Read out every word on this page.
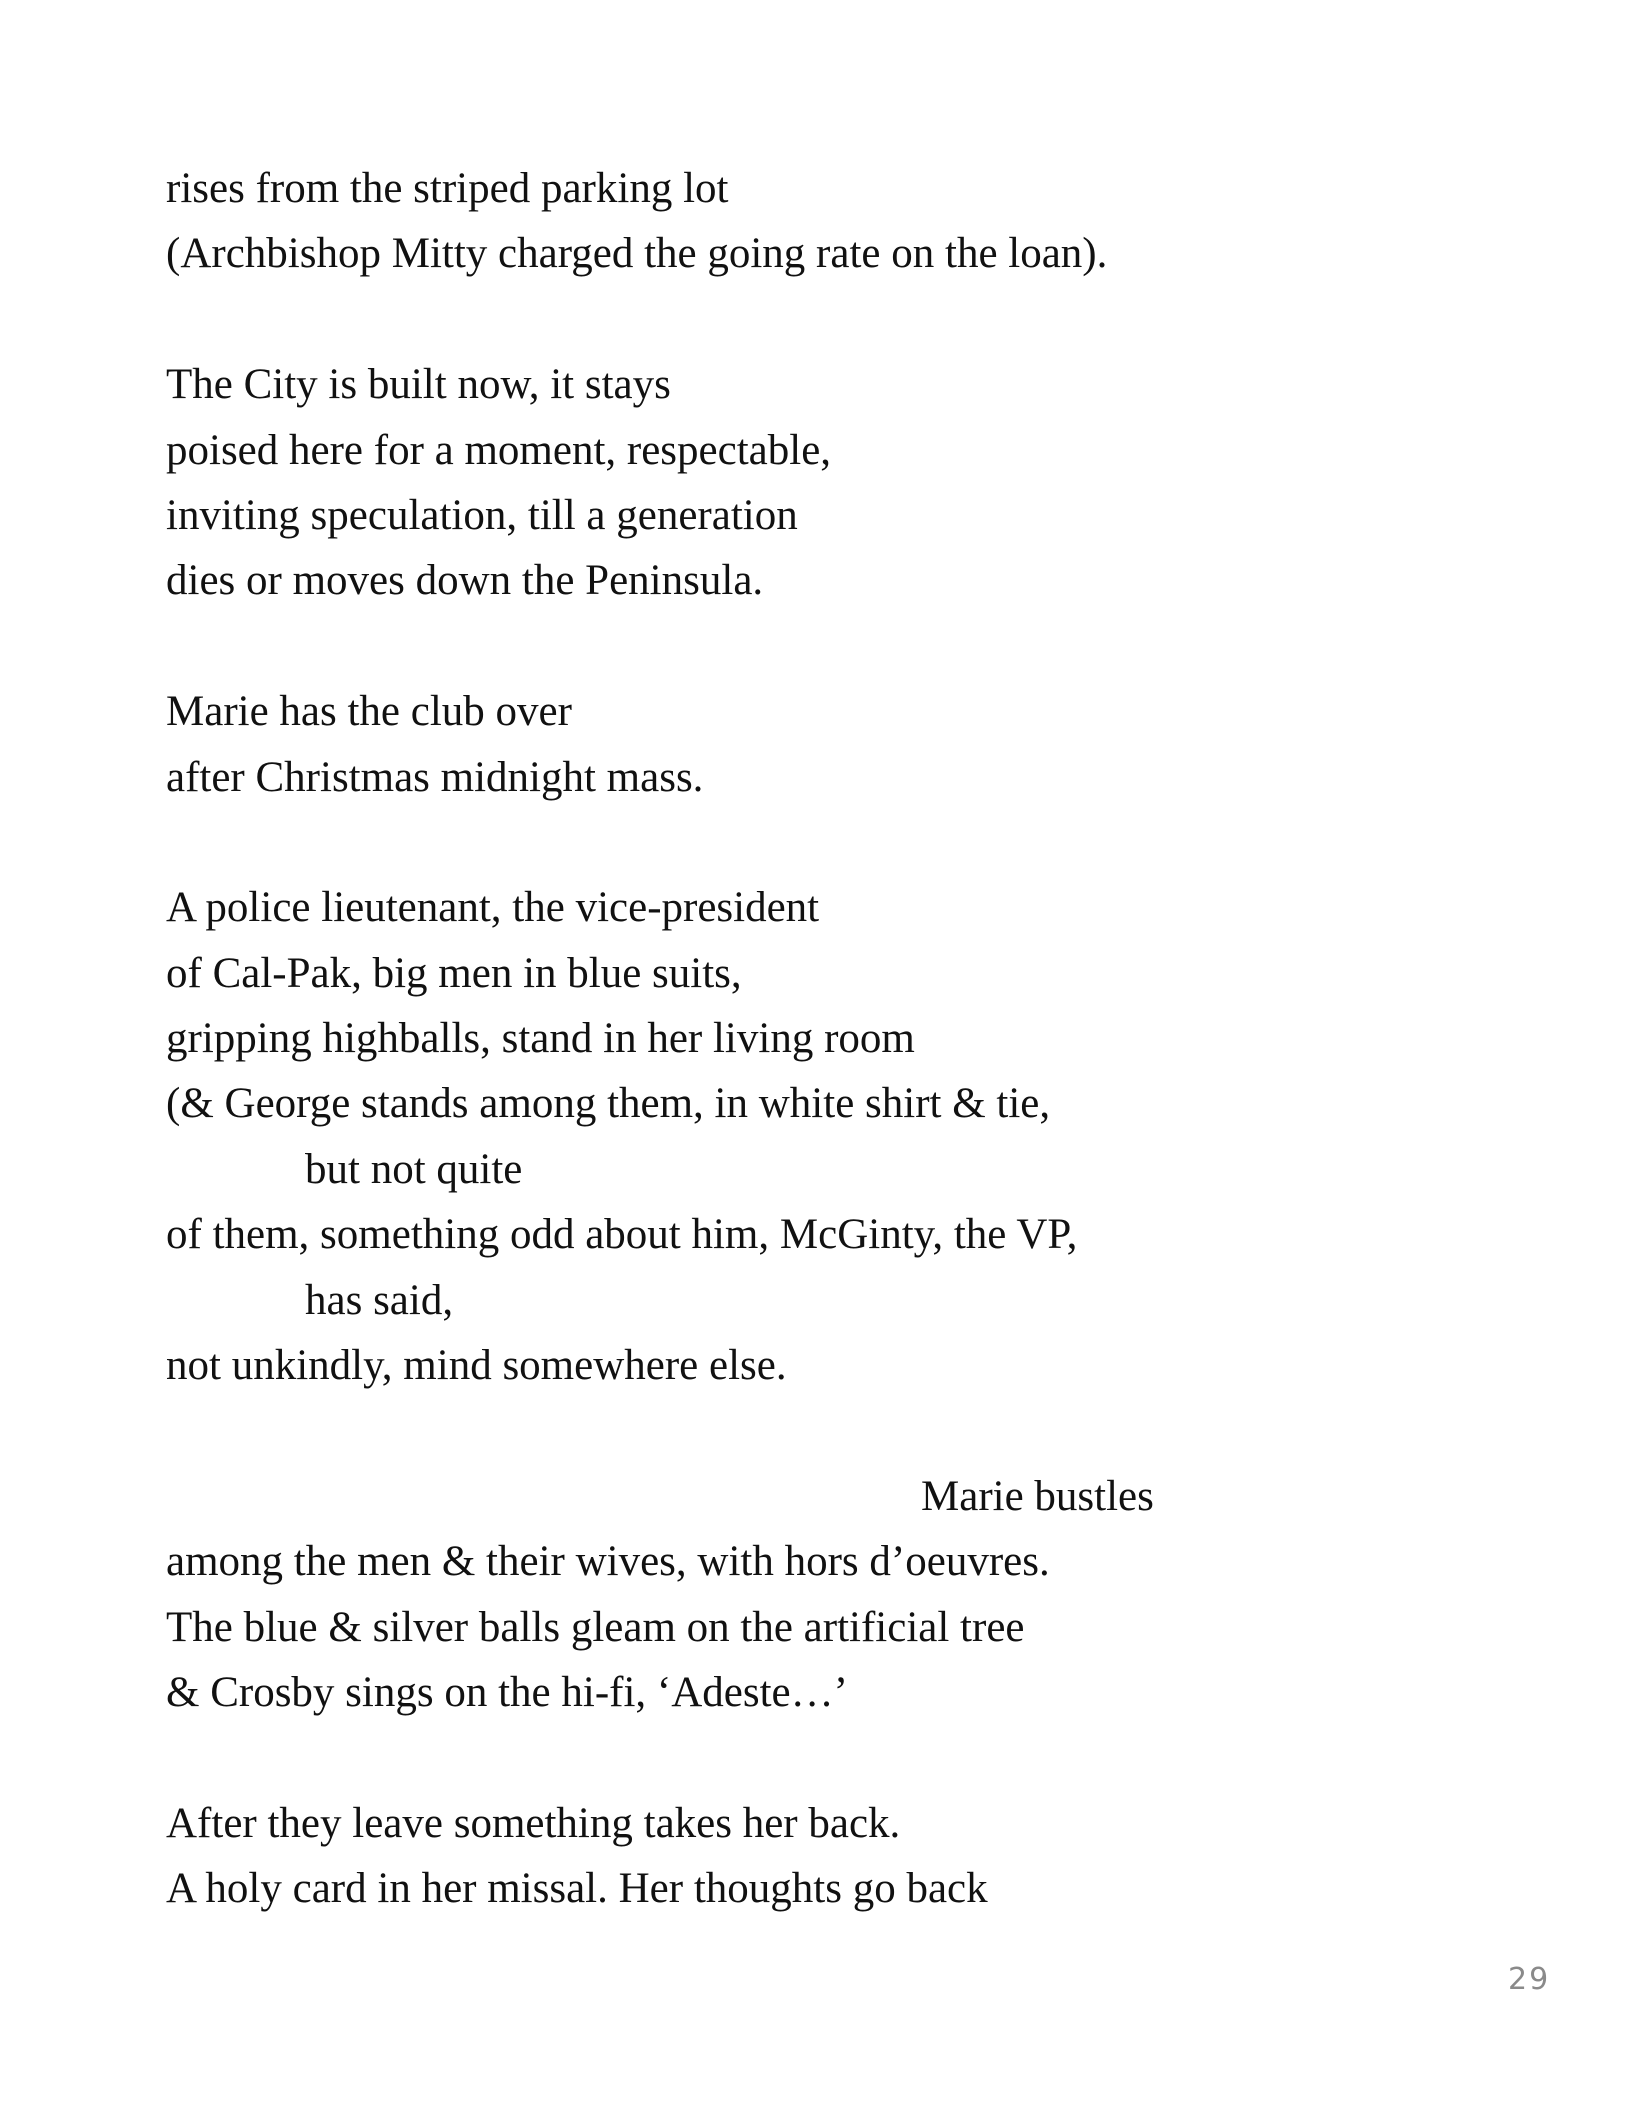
rises from the striped parking lot
(Archbishop Mitty charged the going rate on the loan).
The City is built now, it stays
poised here for a moment, respectable,
inviting speculation, till a generation
dies or moves down the Peninsula.
Marie has the club over
after Christmas midnight mass.
A police lieutenant, the vice-president
of Cal-Pak, big men in blue suits,
gripping highballs, stand in her living room
(& George stands among them, in white shirt & tie,
but not quite
of them, something odd about him, McGinty, the VP,
has said,
not unkindly, mind somewhere else.
Marie bustles
among the men & their wives, with hors d’oeuvres.
The blue & silver balls gleam on the artificial tree
& Crosby sings on the hi-fi, ‘Adeste…’
After they leave something takes her back.
A holy card in her missal. Her thoughts go back
29
